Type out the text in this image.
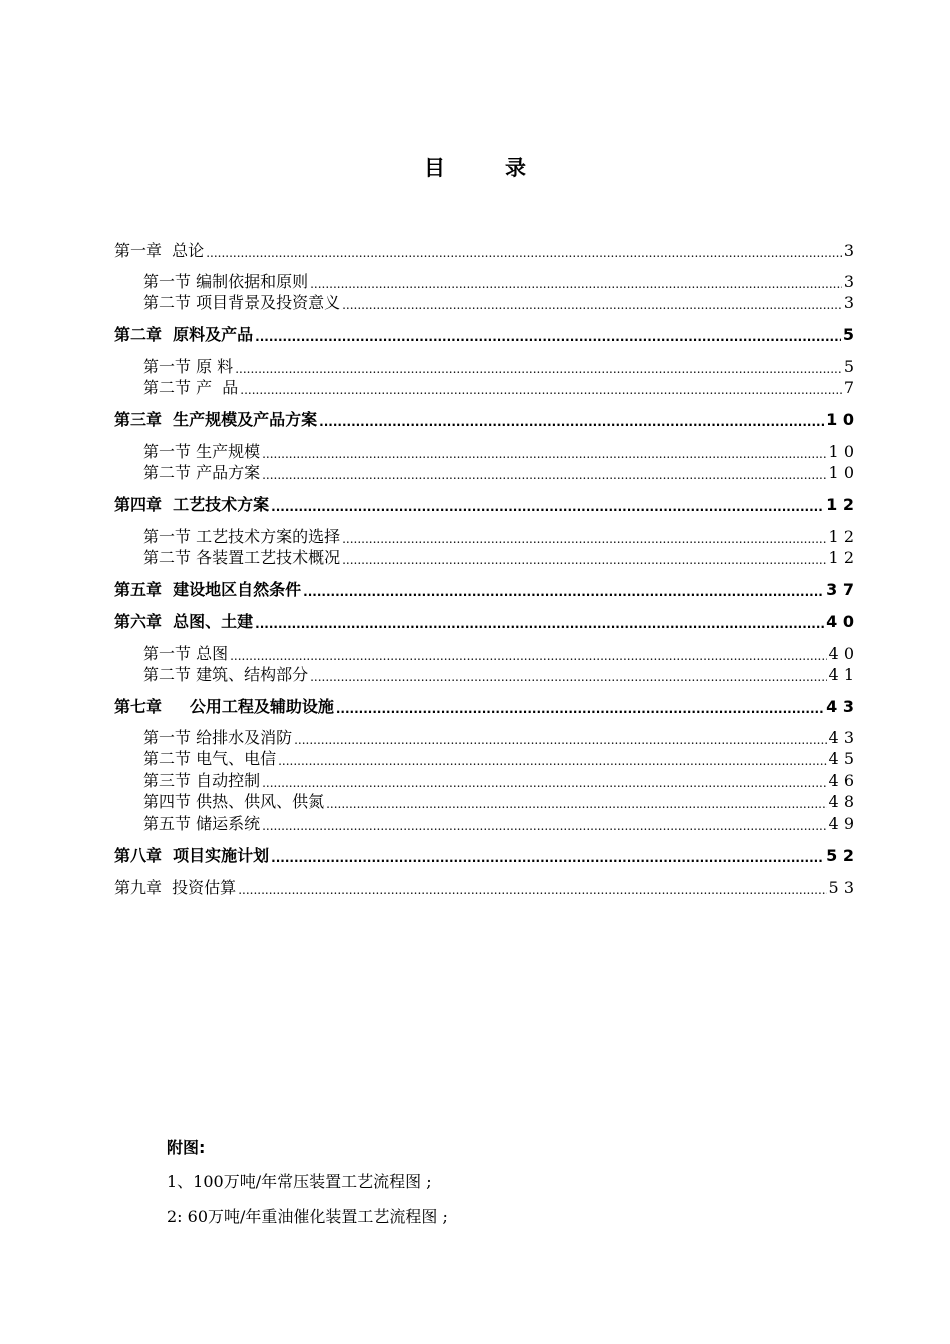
目	录
第一章  总论 .....	3
第一节 编制依据和原则 .....	3
第二节 项目背景及投资意义 .....	3
第二章  原料及产品 .....	5
第一节 原 料 .....	5
第二节 产  品 .....	7
第三章  生产规模及产品方案 .....	1 0
第一节 生产规模 .....	1 0
第二节 产品方案 .....	1 0
第四章  工艺技术方案 .....	1 2
第一节 工艺技术方案的选择 .....	1 2
第二节 各装置工艺技术概况 .....	1 2
第五章  建设地区自然条件 .....	3 7
第六章  总图、土建 .....	4 0
第一节 总图 .....	4 0
第二节 建筑、结构部分 .....	4 1
第七章     公用工程及辅助设施 .....	4 3
第一节 给排水及消防 .....	4 3
第二节 电气、电信 .....	4 5
第三节 自动控制 .....	4 6
第四节 供热、供风、供氮 .....	4 8
第五节 储运系统 .....	4 9
第八章  项目实施计划 .....	5 2
第九章  投资估算 .....	5 3
附图:
1、100万吨/年常压装置工艺流程图 ;
2: 60万吨/年重油催化装置工艺流程图 ;
